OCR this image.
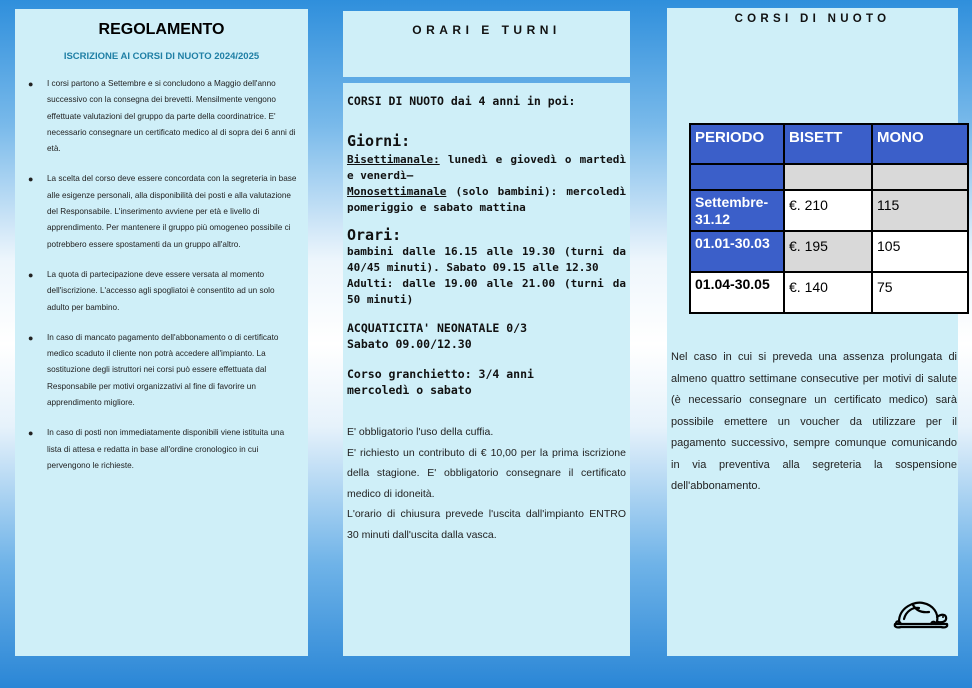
REGOLAMENTO
ISCRIZIONE AI CORSI DI NUOTO 2024/2025
● I corsi partono a Settembre e si concludono a Maggio dell'anno successivo con la consegna dei brevetti. Mensilmente vengono effettuate valutazioni del gruppo da parte della coordinatrice. E' necessario consegnare un certificato medico al di sopra dei 6 anni di età.
● La scelta del corso deve essere concordata con la segreteria in base alle esigenze personali, alla disponibilità dei posti e alla valutazione del Responsabile. L'inserimento avviene per età e livello di apprendimento. Per mantenere il gruppo più omogeneo possibile ci potrebbero essere spostamenti da un gruppo all'altro.
● La quota di partecipazione deve essere versata al momento dell'iscrizione. L'accesso agli spogliatoi è consentito ad un solo adulto per bambino.
● In caso di mancato pagamento dell'abbonamento o di certificato medico scaduto il cliente non potrà accedere all'impianto. La sostituzione degli istruttori nei corsi può essere effettuata dal Responsabile per motivi organizzativi al fine di favorire un apprendimento migliore.
● In caso di posti non immediatamente disponibili viene istituita una lista di attesa e redatta in base all'ordine cronologico in cui pervengono le richieste.
ORARI E TURNI
CORSI DI NUOTO dai 4 anni in poi:
Giorni:
Bisettimanale: lunedì e giovedì o martedì e venerdì—
Monosettimanale (solo bambini): mercoledì pomeriggio e sabato mattina
Orari:
bambini dalle 16.15 alle 19.30 (turni da 40/45 minuti). Sabato 09.15 alle 12.30
Adulti: dalle 19.00 alle 21.00 (turni da 50 minuti)
ACQUATICITA' NEONATALE 0/3
Sabato 09.00/12.30
Corso granchietto: 3/4 anni
mercoledì o sabato
E' obbligatorio l'uso della cuffia.
E' richiesto un contributo di € 10,00 per la prima iscrizione della stagione. E' obbligatorio consegnare il certificato medico di idoneità.
L'orario di chiusura prevede l'uscita dall'impianto ENTRO 30 minuti dall'uscita dalla vasca.
CORSI DI NUOTO
PERIODO	BISETT	MONO

Settembre-31.12	€. 210	115
01.01-30.03	€. 195	105
01.04-30.05	€. 140	75
Nel caso in cui si preveda una assenza prolungata di almeno quattro settimane consecutive per motivi di salute (è necessario consegnare un certificato medico) sarà possibile emettere un voucher da utilizzare per il pagamento successivo, sempre comunque comunicando in via preventiva alla segreteria la sospensione dell'abbonamento.
